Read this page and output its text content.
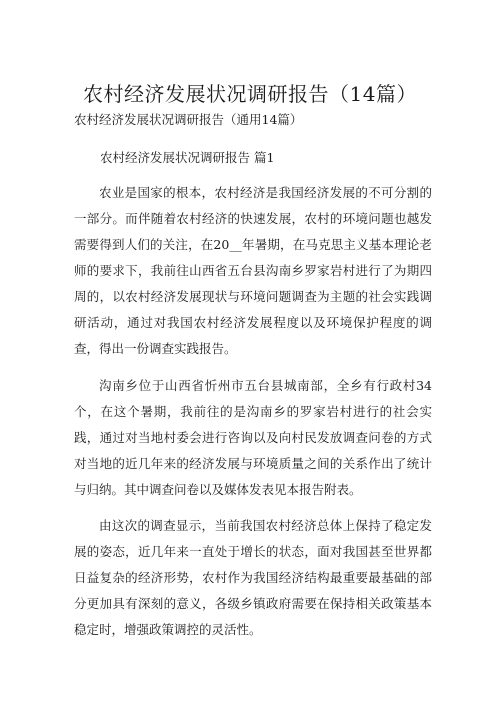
农村经济发展状况调研报告（14篇）

农村经济发展状况调研报告（通用14篇）

农村经济发展状况调研报告 篇1

农业是国家的根本，农村经济是我国经济发展的不可分割的一部分。而伴随着农村经济的快速发展，农村的环境问题也越发需要得到人们的关注，在20__年暑期，在马克思主义基本理论老师的要求下，我前往山西省五台县沟南乡罗家岩村进行了为期四周的，以农村经济发展现状与环境问题调查为主题的社会实践调研活动，通过对我国农村经济发展程度以及环境保护程度的调查，得出一份调查实践报告。

沟南乡位于山西省忻州市五台县城南部，全乡有行政村34个，在这个暑期，我前往的是沟南乡的罗家岩村进行的社会实践，通过对当地村委会进行咨询以及向村民发放调查问卷的方式对当地的近几年来的经济发展与环境质量之间的关系作出了统计与归纳。其中调查问卷以及媒体发表见本报告附表。

由这次的调查显示，当前我国农村经济总体上保持了稳定发展的姿态，近几年来一直处于增长的状态，面对我国甚至世界都日益复杂的经济形势，农村作为我国经济结构最重要最基础的部分更加具有深刻的意义，各级乡镇政府需要在保持相关政策基本稳定时，增强政策调控的灵活性。
